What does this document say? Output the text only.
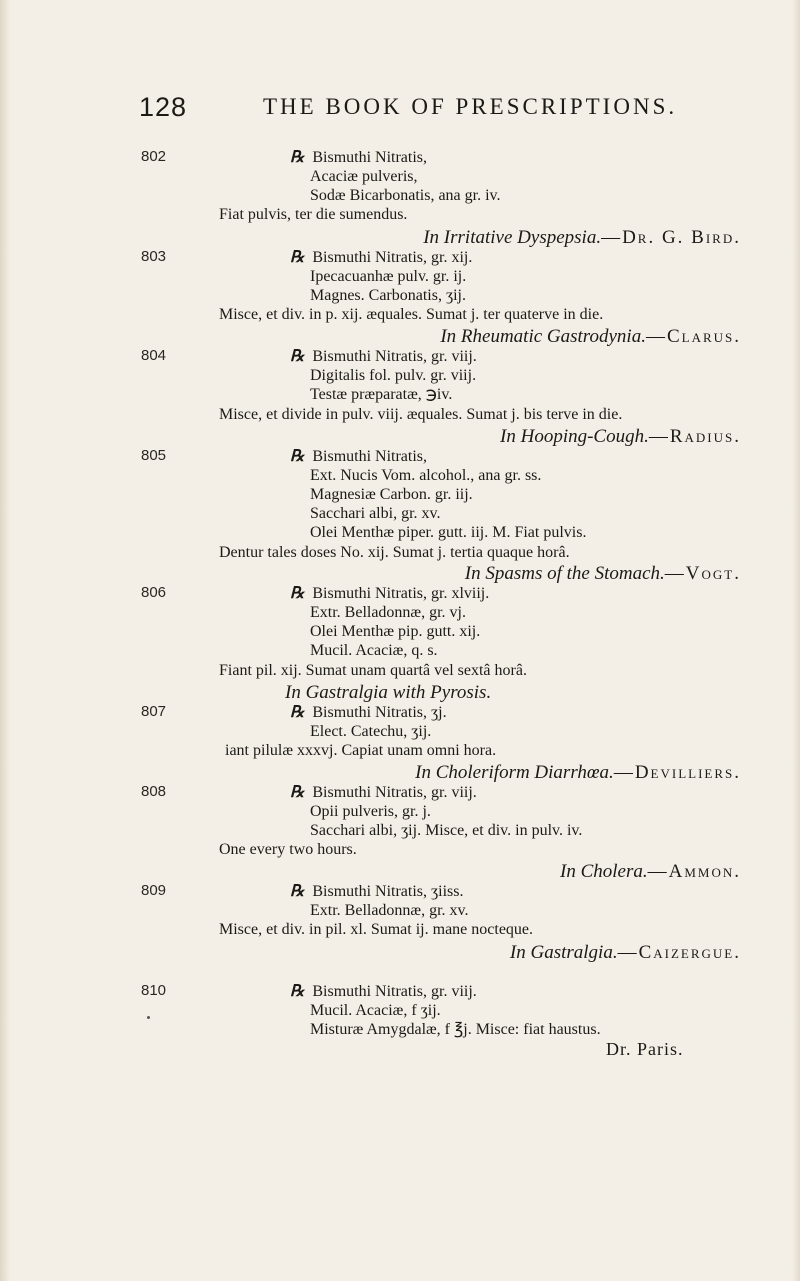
128	THE BOOK OF PRESCRIPTIONS.
802	℞ Bismuthi Nitratis,
Acaciæ pulveris,
Sodæ Bicarbonatis, ana gr. iv.
Fiat pulvis, ter die sumendus.
In Irritative Dyspepsia.—Dr. G. Bird.
803	℞ Bismuthi Nitratis, gr. xij.
Ipecacuanhæ pulv. gr. ij.
Magnes. Carbonatis, ʒij.
Misce, et div. in p. xij. æquales. Sumat j. ter quaterve in die.
In Rheumatic Gastrodynia.—Clarus.
804	℞ Bismuthi Nitratis, gr. viij.
Digitalis fol. pulv. gr. viij.
Testæ præparatæ, ℈iv.
Misce, et divide in pulv. viij. æquales. Sumat j. bis terve in die.
In Hooping-Cough.—Radius.
805	℞ Bismuthi Nitratis,
Ext. Nucis Vom. alcohol., ana gr. ss.
Magnesiæ Carbon. gr. iij.
Sacchari albi, gr. xv.
Olei Menthæ piper. gutt. iij. M. Fiat pulvis.
Dentur tales doses No. xij. Sumat j. tertia quaque horâ.
In Spasms of the Stomach.—Vogt.
806	℞ Bismuthi Nitratis, gr. xlviij.
Extr. Belladonnæ, gr. vj.
Olei Menthæ pip. gutt. xij.
Mucil. Acaciæ, q. s.
Fiant pil. xij. Sumat unam quartâ vel sextâ horâ.
In Gastralgia with Pyrosis.
807	℞ Bismuthi Nitratis, ʒj.
Elect. Catechu, ʒij.
iant pilulæ xxxvj. Capiat unam omni hora.
In Choleriform Diarrhœa.—Devilliers.
808	℞ Bismuthi Nitratis, gr. viij.
Opii pulveris, gr. j.
Sacchari albi, ʒij. Misce, et div. in pulv. iv.
One every two hours.
In Cholera.—Ammon.
809	℞ Bismuthi Nitratis, ʒiiss.
Extr. Belladonnæ, gr. xv.
Misce, et div. in pil. xl. Sumat ij. mane nocteque.
In Gastralgia.—Caizergue.
810	℞ Bismuthi Nitratis, gr. viij.
Mucil. Acaciæ, f ʒij.
Misturæ Amygdalæ, f ℥j. Misce: fiat haustus.
Dr. Paris.
